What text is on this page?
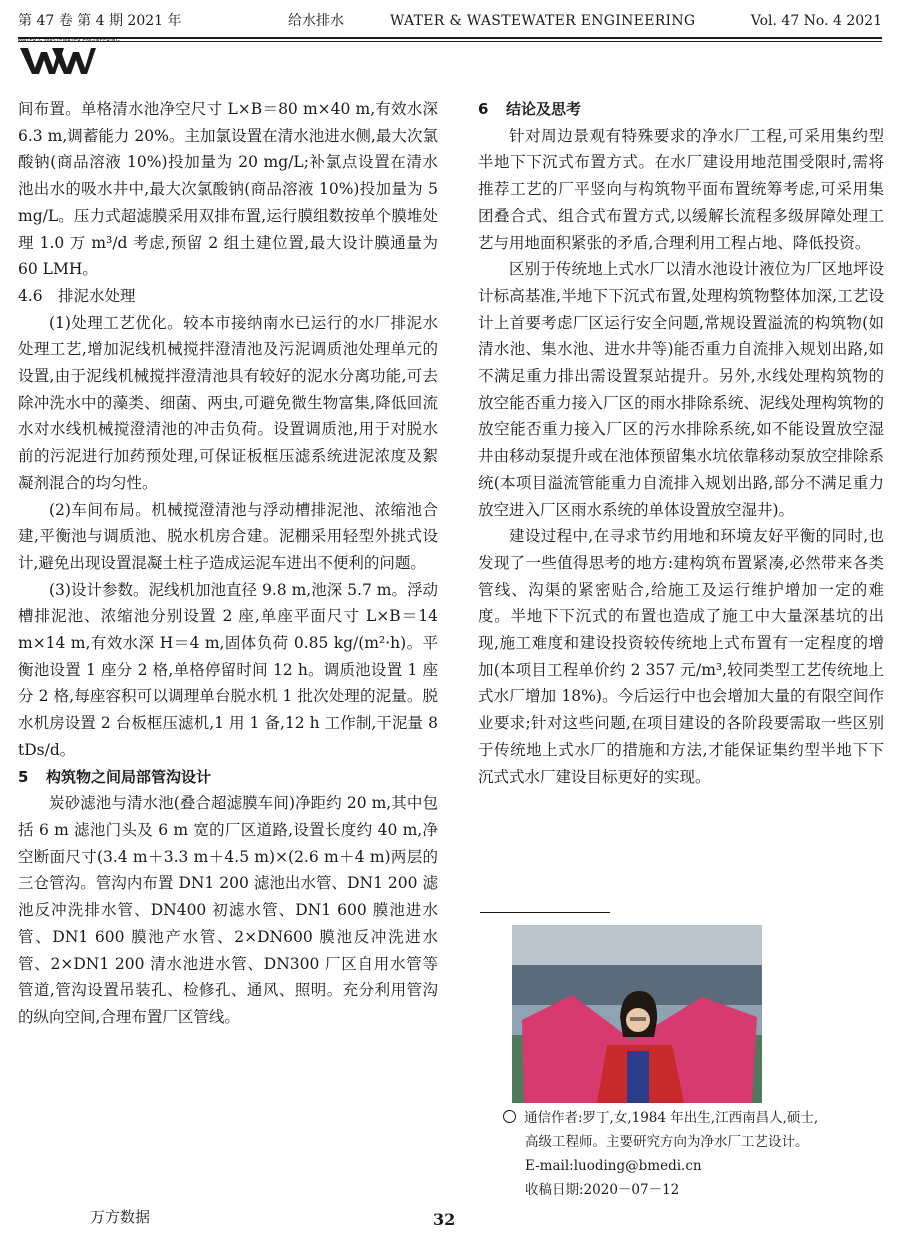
第 47 卷 第 4 期 2021 年	给水排水	WATER & WASTEWATER ENGINEERING	Vol. 47 No. 4 2021
WATER & WASTEWATER ENGINEERING

间布置。单格清水池净空尺寸 L×B＝80 m×40 m,有效水深 6.3 m,调蓄能力 20%。主加氯设置在清水池进水侧,最大次氯酸钠(商品溶液 10%)投加量为 20 mg/L;补氯点设置在清水池出水的吸水井中,最大次氯酸钠(商品溶液 10%)投加量为 5 mg/L。压力式超滤膜采用双排布置,运行膜组数按单个膜堆处理 1.0 万 m³/d 考虑,预留 2 组土建位置,最大设计膜通量为 60 LMH。

4.6 排泥水处理

(1)处理工艺优化。较本市接纳南水已运行的水厂排泥水处理工艺,增加泥线机械搅拌澄清池及污泥调质池处理单元的设置,由于泥线机械搅拌澄清池具有较好的泥水分离功能,可去除冲洗水中的藻类、细菌、两虫,可避免微生物富集,降低回流水对水线机械搅澄清池的冲击负荷。设置调质池,用于对脱水前的污泥进行加药预处理,可保证板框压滤系统进泥浓度及絮凝剂混合的均匀性。

(2)车间布局。机械搅澄清池与浮动槽排泥池、浓缩池合建,平衡池与调质池、脱水机房合建。泥棚采用轻型外挑式设计,避免出现设置混凝土柱子造成运泥车进出不便利的问题。

(3)设计参数。泥线机加池直径 9.8 m,池深 5.7 m。浮动槽排泥池、浓缩池分别设置 2 座,单座平面尺寸 L×B＝14 m×14 m,有效水深 H＝4 m,固体负荷 0.85 kg/(m²·h)。平衡池设置 1 座分 2 格,单格停留时间 12 h。调质池设置 1 座分 2 格,每座容积可以调理单台脱水机 1 批次处理的泥量。脱水机房设置 2 台板框压滤机,1 用 1 备,12 h 工作制,干泥量 8 tDs/d。

5 构筑物之间局部管沟设计

炭砂滤池与清水池(叠合超滤膜车间)净距约 20 m,其中包括 6 m 滤池门头及 6 m 宽的厂区道路,设置长度约 40 m,净空断面尺寸(3.4 m＋3.3 m＋4.5 m)×(2.6 m＋4 m)两层的三仓管沟。管沟内布置 DN1 200 滤池出水管、DN1 200 滤池反冲洗排水管、DN400 初滤水管、DN1 600 膜池进水管、DN1 600 膜池产水管、2×DN600 膜池反冲洗进水管、2×DN1 200 清水池进水管、DN300 厂区自用水管等管道,管沟设置吊装孔、检修孔、通风、照明。充分利用管沟的纵向空间,合理布置厂区管线。

6 结论及思考

针对周边景观有特殊要求的净水厂工程,可采用集约型半地下下沉式布置方式。在水厂建设用地范围受限时,需将推荐工艺的厂平竖向与构筑物平面布置统筹考虑,可采用集团叠合式、组合式布置方式,以缓解长流程多级屏障处理工艺与用地面积紧张的矛盾,合理利用工程占地、降低投资。

区别于传统地上式水厂以清水池设计液位为厂区地坪设计标高基准,半地下下沉式布置,处理构筑物整体加深,工艺设计上首要考虑厂区运行安全问题,常规设置溢流的构筑物(如清水池、集水池、进水井等)能否重力自流排入规划出路,如不满足重力排出需设置泵站提升。另外,水线处理构筑物的放空能否重力接入厂区的雨水排除系统、泥线处理构筑物的放空能否重力接入厂区的污水排除系统,如不能设置放空湿井由移动泵提升或在池体预留集水坑依靠移动泵放空排除系统(本项目溢流管能重力自流排入规划出路,部分不满足重力放空进入厂区雨水系统的单体设置放空湿井)。

建设过程中,在寻求节约用地和环境友好平衡的同时,也发现了一些值得思考的地方:建构筑布置紧凑,必然带来各类管线、沟渠的紧密贴合,给施工及运行维护增加一定的难度。半地下下沉式的布置也造成了施工中大量深基坑的出现,施工难度和建设投资较传统地上式布置有一定程度的增加(本项目工程单价约 2 357 元/m³,较同类型工艺传统地上式水厂增加 18%)。今后运行中也会增加大量的有限空间作业要求;针对这些问题,在项目建设的各阶段要需取一些区别于传统地上式水厂的措施和方法,才能保证集约型半地下下沉式式水厂建设目标更好的实现。

通信作者:罗丁,女,1984 年出生,江西南昌人,硕士,

高级工程师。主要研究方向为净水厂工艺设计。

E-mail:luoding@bmedi.cn

收稿日期:2020－07－12

万方数据	32
